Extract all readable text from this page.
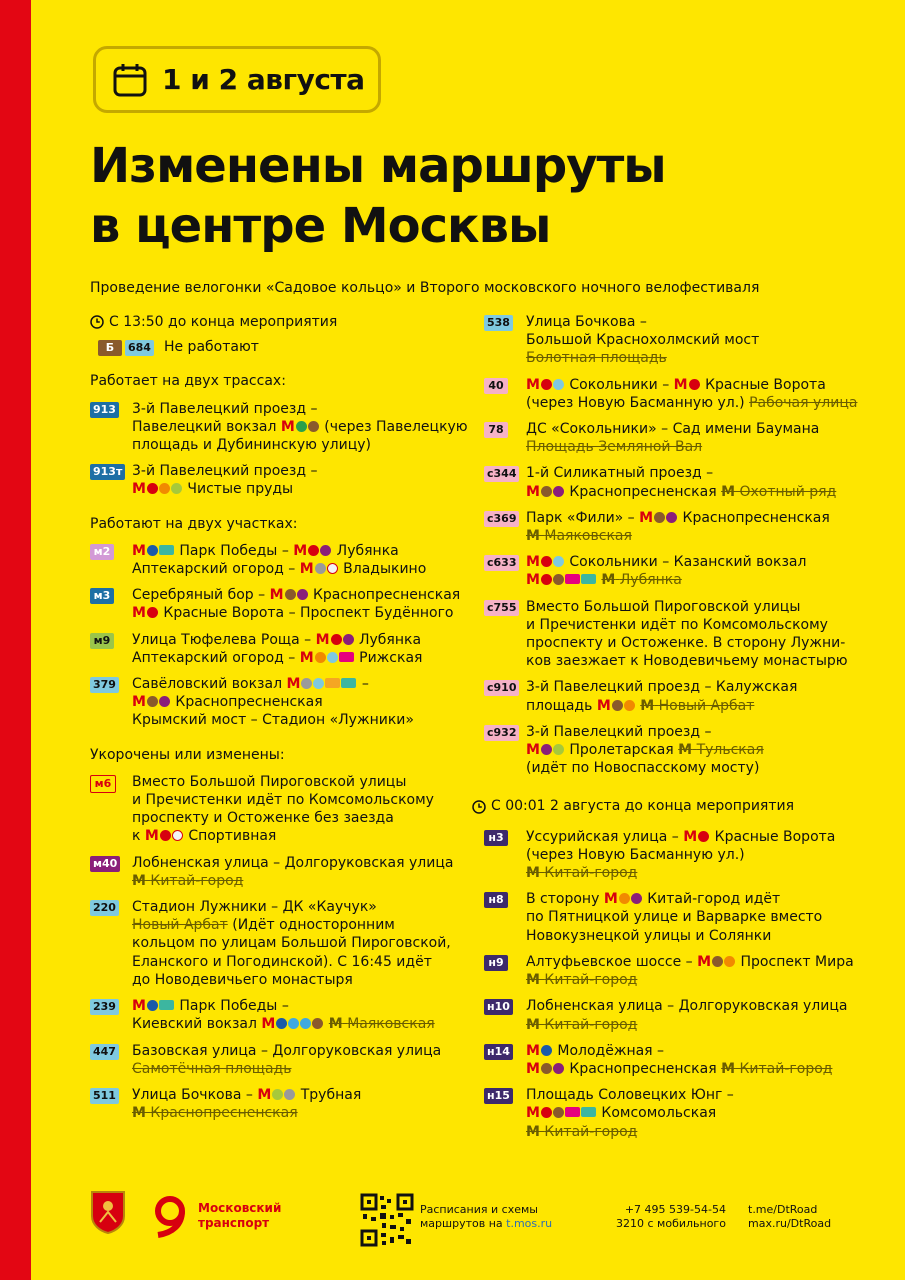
1 и 2 августа
Изменены маршруты
в центре Москвы
Проведение велогонки «Садовое кольцо» и Второго московского ночного велофестиваля
С 13:50 до конца мероприятия
Б	684 Не работают
Работает на двух трассах:
913 3-й Павелецкий проезд –
Павелецкий вокзал М (через Павелецкую
площадь и Дубининскую улицу)
913т 3-й Павелецкий проезд –
М	Чистые пруды
Работают на двух участках:
м2 М Парк Победы – М Лубянка
Аптекарский огород – М Владыкино
м3 Серебряный бор – М Краснопресненская
М Красные Ворота – Проспект Будённого
м9 Улица Тюфелева Роща – М Лубянка
Аптекарский огород – М	Рижская
379 Савёловский вокзал М	–
М Краснопресненская
Крымский мост – Стадион «Лужники»
Укорочены или изменены:
м6	Вместо Большой Пироговской улицы
и Пречистенки идёт по Комсомольскому
проспекту и Остоженке без заезда
к М Спортивная
м40 Лобненская улица – Долгоруковская улица
М Китай-город
220 Стадион Лужники – ДК «Каучук»
Новый Арбат (Идёт односторонним
кольцом по улицам Большой Пироговской,
Еланского и Погодинской). С 16:45 идёт
до Новодевичьего монастыря
239 М Парк Победы –
Киевский вокзал М	М Маяковская
447 Базовская улица – Долгоруковская улица
Самотёчная площадь
511 Улица Бочкова – М Трубная
М Краснопресненская
538 Улица Бочкова –
Большой Краснохолмский мост
Болотная площадь
40	М Сокольники – М Красные Ворота
(через Новую Басманную ул.) Рабочая улица
78	ДС «Сокольники» – Сад имени Баумана
Площадь Земляной Вал
с344 1-й Силикатный проезд –
М Краснопресненская М Охотный ряд
с369 Парк «Фили» – М Краснопресненская
М Маяковская
с633 М Сокольники – Казанский вокзал
М	М Лубянка
с755 Вместо Большой Пироговской улицы
и Пречистенки идёт по Комсомольскому
проспекту и Остоженке. В сторону Лужни-
ков заезжает к Новодевичьему монастырю
с910 3-й Павелецкий проезд – Калужская
площадь М М Новый Арбат
с932 3-й Павелецкий проезд –
М Пролетарская М Тульская
(идёт по Новоспасскому мосту)
С 00:01 2 августа до конца мероприятия
н3	Уссурийская улица – М Красные Ворота
(через Новую Басманную ул.)
М Китай-город
н8	В сторону М Китай-город идёт
по Пятницкой улице и Варварке вместо
Новокузнецкой улицы и Солянки
н9	Алтуфьевское шоссе – М Проспект Мира
М Китай-город
н10 Лобненская улица – Долгоруковская улица
М Китай-город
н14 М Молодёжная –
М Краснопресненская М Китай-город
н15 Площадь Соловецких Юнг –
М	Комсомольская
М Китай-город
Московский
транспорт
Расписания и схемы
маршрутов на t.mos.ru
+7 495 539-54-54
3210 с мобильного
t.me/DtRoad
max.ru/DtRoad
